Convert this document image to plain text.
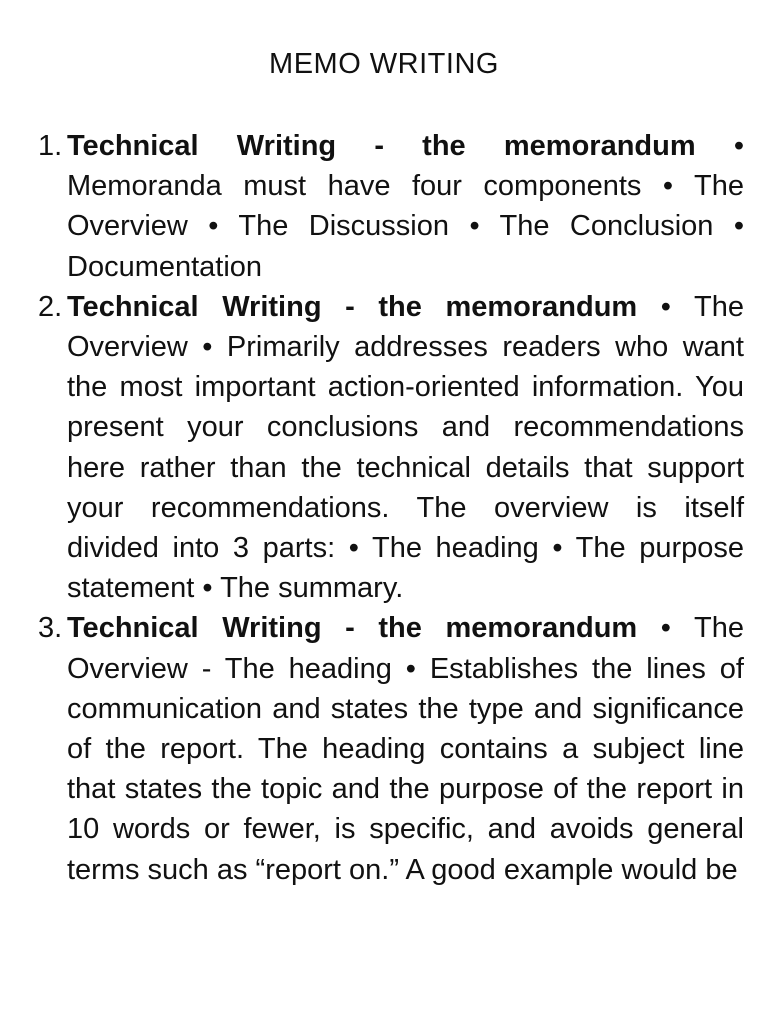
MEMO WRITING
1. Technical Writing - the memorandum • Memoranda must have four components • The Overview • The Discussion • The Conclusion • Documentation
2. Technical Writing - the memorandum • The Overview • Primarily addresses readers who want the most important action-oriented information. You present your conclusions and recommendations here rather than the technical details that support your recommendations. The overview is itself divided into 3 parts: • The heading • The purpose statement • The summary.
3. Technical Writing - the memorandum • The Overview - The heading • Establishes the lines of communication and states the type and significance of the report. The heading contains a subject line that states the topic and the purpose of the report in 10 words or fewer, is specific, and avoids general terms such as “report on.” A good example would be
